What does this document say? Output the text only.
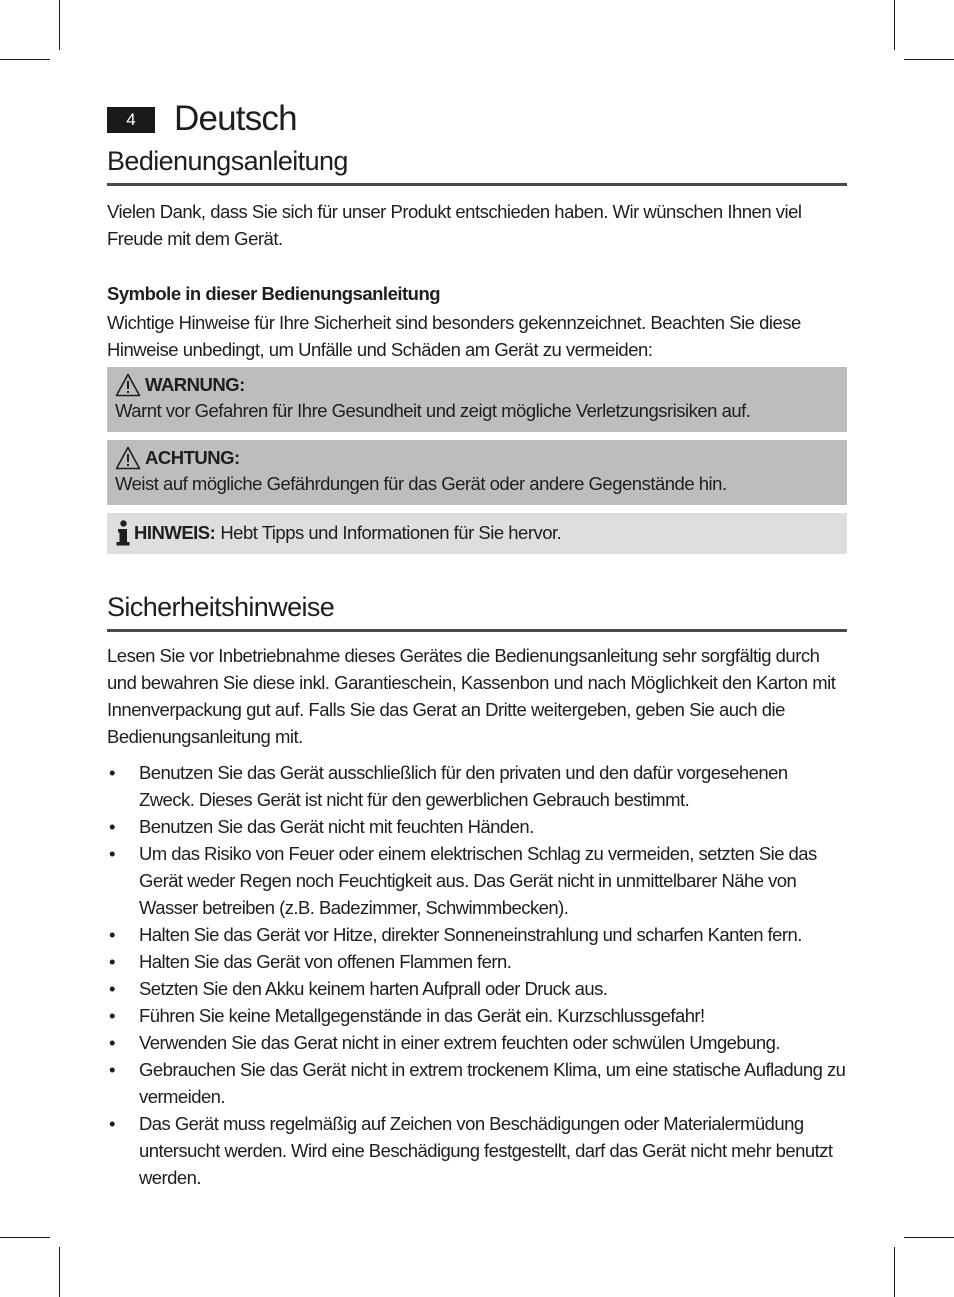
4	Deutsch
Bedienungsanleitung

Vielen Dank, dass Sie sich für unser Produkt entschieden haben. Wir wünschen Ihnen viel Freude mit dem Gerät.

Symbole in dieser Bedienungsanleitung

Wichtige Hinweise für Ihre Sicherheit sind besonders gekennzeichnet. Beachten Sie diese Hinweise unbedingt, um Unfälle und Schäden am Gerät zu vermeiden:

WARNUNG:
Warnt vor Gefahren für Ihre Gesundheit und zeigt mögliche Verletzungsrisiken auf.
ACHTUNG:
Weist auf mögliche Gefährdungen für das Gerät oder andere Gegenstände hin.
HINWEIS: Hebt Tipps und Informationen für Sie hervor.
Sicherheitshinweise

Lesen Sie vor Inbetriebnahme dieses Gerätes die Bedienungsanleitung sehr sorgfältig durch und bewahren Sie diese inkl. Garantieschein, Kassenbon und nach Möglichkeit den Karton mit Innenverpackung gut auf. Falls Sie das Gerat an Dritte weitergeben, geben Sie auch die Bedienungsanleitung mit.

• Benutzen Sie das Gerät ausschließlich für den privaten und den dafür vorgesehenen Zweck. Dieses Gerät ist nicht für den gewerblichen Gebrauch bestimmt.
• Benutzen Sie das Gerät nicht mit feuchten Händen.
• Um das Risiko von Feuer oder einem elektrischen Schlag zu vermeiden, setzten Sie das Gerät weder Regen noch Feuchtigkeit aus. Das Gerät nicht in unmittelbarer Nähe von Wasser betreiben (z.B. Badezimmer, Schwimmbecken).
• Halten Sie das Gerät vor Hitze, direkter Sonneneinstrahlung und scharfen Kanten fern.
• Halten Sie das Gerät von offenen Flammen fern.
• Setzten Sie den Akku keinem harten Aufprall oder Druck aus.
• Führen Sie keine Metallgegenstände in das Gerät ein. Kurzschlussgefahr!
• Verwenden Sie das Gerat nicht in einer extrem feuchten oder schwülen Umgebung.
• Gebrauchen Sie das Gerät nicht in extrem trockenem Klima, um eine statische Aufladung zu vermeiden.
• Das Gerät muss regelmäßig auf Zeichen von Beschädigungen oder Materialermüdung untersucht werden. Wird eine Beschädigung festgestellt, darf das Gerät nicht mehr benutzt werden.
